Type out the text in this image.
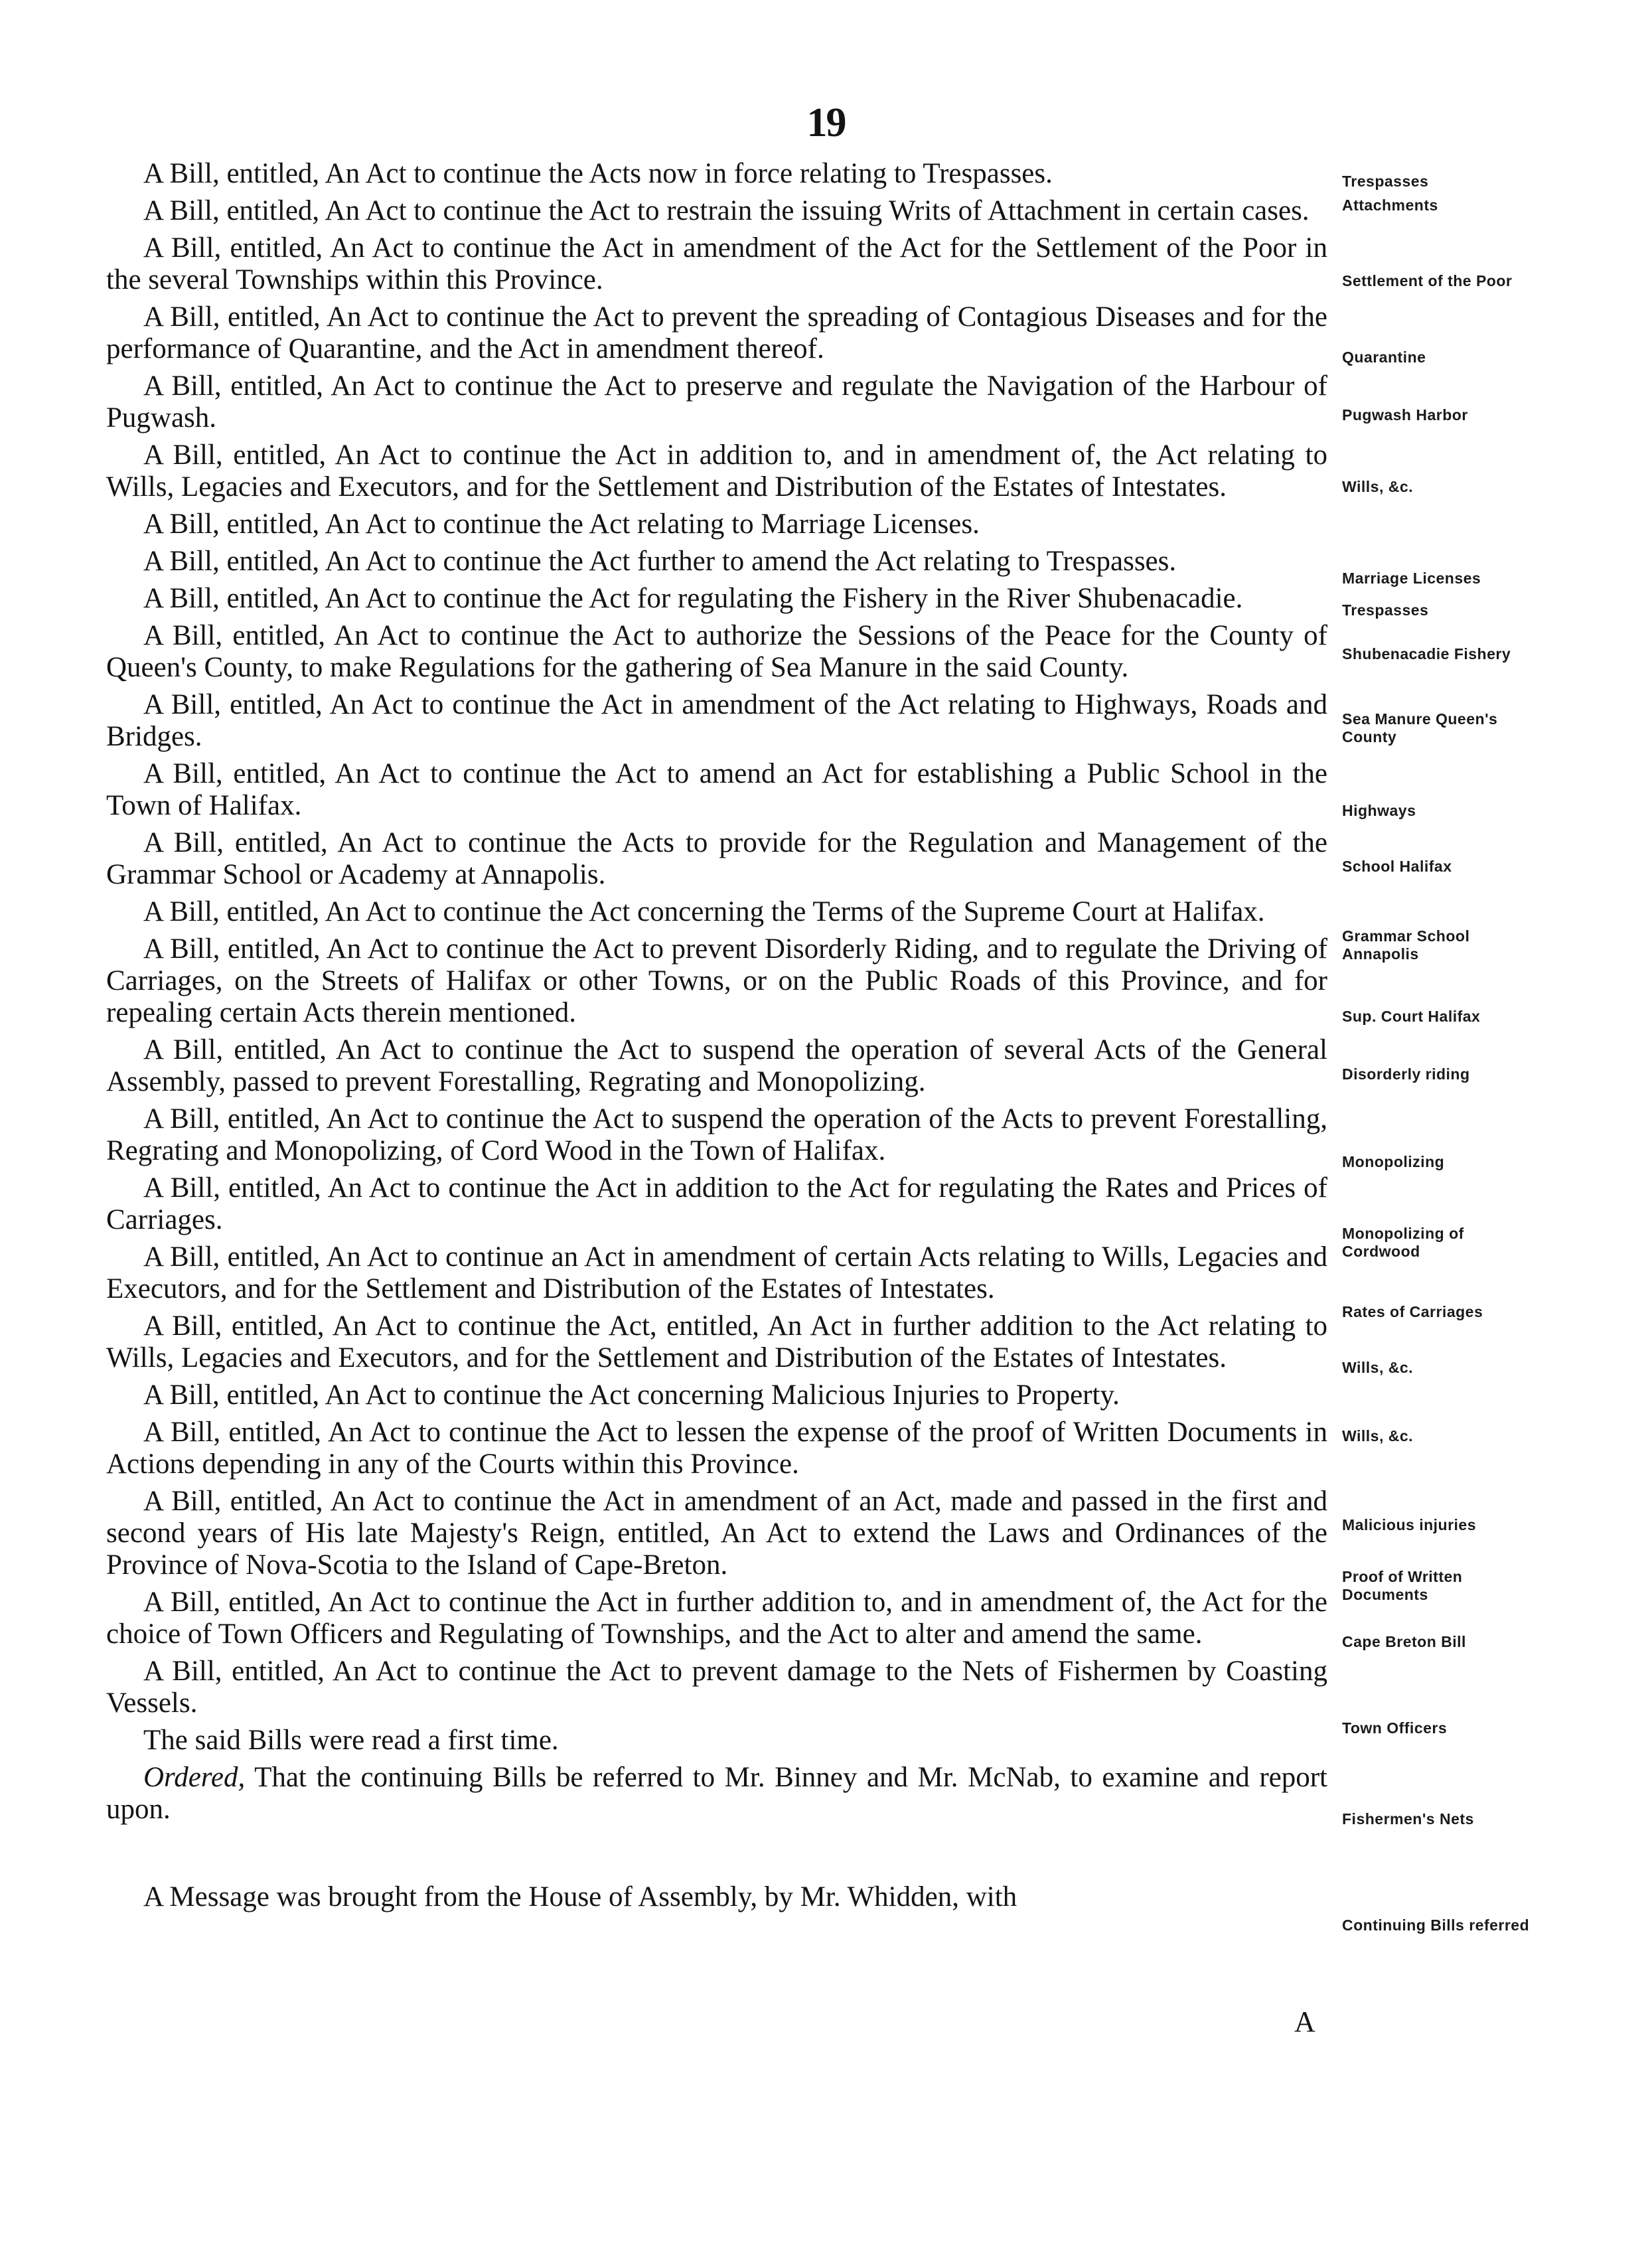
19

A Bill, entitled, An Act to continue the Acts now in force relating to Trespasses.

A Bill, entitled, An Act to continue the Act to restrain the issuing Writs of Attachment in certain cases.

A Bill, entitled, An Act to continue the Act in amendment of the Act for the Settlement of the Poor in the several Townships within this Province.

A Bill, entitled, An Act to continue the Act to prevent the spreading of Contagious Diseases and for the performance of Quarantine, and the Act in amendment thereof.

A Bill, entitled, An Act to continue the Act to preserve and regulate the Navigation of the Harbour of Pugwash.

A Bill, entitled, An Act to continue the Act in addition to, and in amendment of, the Act relating to Wills, Legacies and Executors, and for the Settlement and Distribution of the Estates of Intestates.

A Bill, entitled, An Act to continue the Act relating to Marriage Licenses.

A Bill, entitled, An Act to continue the Act further to amend the Act relating to Trespasses.

A Bill, entitled, An Act to continue the Act for regulating the Fishery in the River Shubenacadie.

A Bill, entitled, An Act to continue the Act to authorize the Sessions of the Peace for the County of Queen's County, to make Regulations for the gathering of Sea Manure in the said County.

A Bill, entitled, An Act to continue the Act in amendment of the Act relating to Highways, Roads and Bridges.

A Bill, entitled, An Act to continue the Act to amend an Act for establishing a Public School in the Town of Halifax.

A Bill, entitled, An Act to continue the Acts to provide for the Regulation and Management of the Grammar School or Academy at Annapolis.

A Bill, entitled, An Act to continue the Act concerning the Terms of the Supreme Court at Halifax.

A Bill, entitled, An Act to continue the Act to prevent Disorderly Riding, and to regulate the Driving of Carriages, on the Streets of Halifax or other Towns, or on the Public Roads of this Province, and for repealing certain Acts therein mentioned.

A Bill, entitled, An Act to continue the Act to suspend the operation of several Acts of the General Assembly, passed to prevent Forestalling, Regrating and Monopolizing.

A Bill, entitled, An Act to continue the Act to suspend the operation of the Acts to prevent Forestalling, Regrating and Monopolizing, of Cord Wood in the Town of Halifax.

A Bill, entitled, An Act to continue the Act in addition to the Act for regulating the Rates and Prices of Carriages.

A Bill, entitled, An Act to continue an Act in amendment of certain Acts relating to Wills, Legacies and Executors, and for the Settlement and Distribution of the Estates of Intestates.

A Bill, entitled, An Act to continue the Act, entitled, An Act in further addition to the Act relating to Wills, Legacies and Executors, and for the Settlement and Distribution of the Estates of Intestates.

A Bill, entitled, An Act to continue the Act concerning Malicious Injuries to Property.

A Bill, entitled, An Act to continue the Act to lessen the expense of the proof of Written Documents in Actions depending in any of the Courts within this Province.

A Bill, entitled, An Act to continue the Act in amendment of an Act, made and passed in the first and second years of His late Majesty's Reign, entitled, An Act to extend the Laws and Ordinances of the Province of Nova-Scotia to the Island of Cape-Breton.

A Bill, entitled, An Act to continue the Act in further addition to, and in amendment of, the Act for the choice of Town Officers and Regulating of Townships, and the Act to alter and amend the same.

A Bill, entitled, An Act to continue the Act to prevent damage to the Nets of Fishermen by Coasting Vessels.

The said Bills were read a first time.

Ordered, That the continuing Bills be referred to Mr. Binney and Mr. McNab, to examine and report upon.

A Message was brought from the House of Assembly, by Mr. Whidden, with

Trespasses
Attachments
Settlement of the Poor
Quarantine
Pugwash Harbor
Wills, &c.
Marriage Licenses
Trespasses
Shubenacadie Fishery
Sea Manure Queen's County
Highways
School Halifax
Grammar School Annapolis
Sup. Court Halifax
Disorderly riding
Monopolizing
Monopolizing of Cordwood
Rates of Carriages
Wills, &c.
Wills, &c.
Malicious injuries
Proof of Written Documents
Cape Breton Bill
Town Officers
Fishermen's Nets
Continuing Bills referred
A
